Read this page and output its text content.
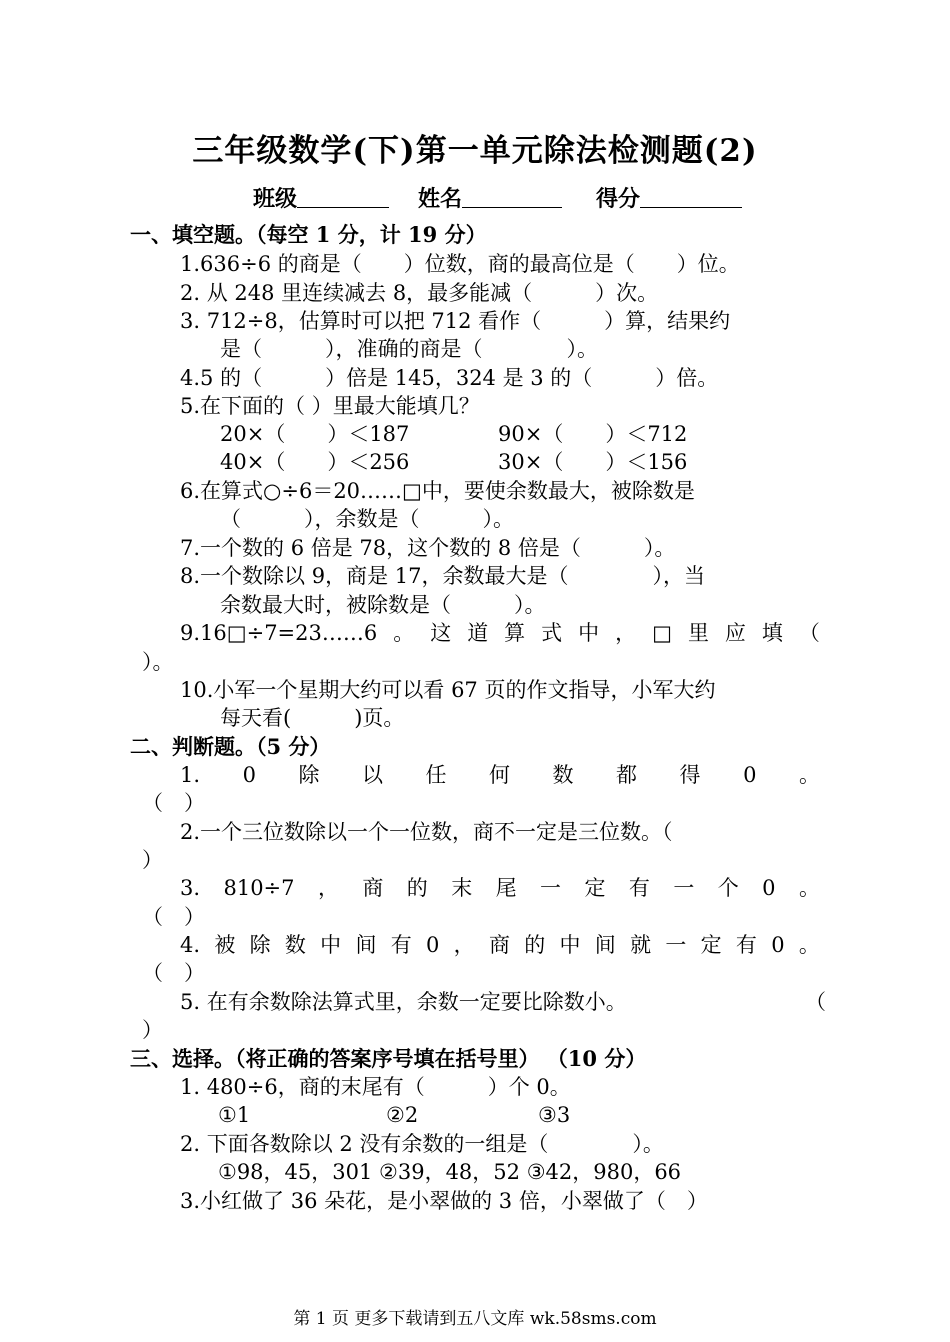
三年级数学(下)第一单元除法检测题(2)
班级	姓名	得分
一、填空题。（每空 1 分，计 19 分）
1.636÷6 的商是（　　）位数，商的最高位是（　　）位。
2. 从 248 里连续减去 8，最多能减（　　　）次。
3. 712÷8，估算时可以把 712 看作（　　　）算，结果约
是（　　　），准确的商是（　　　　）。
4.5 的（　　　）倍是 145，324 是 3 的（　　　）倍。
5.在下面的（ ）里最大能填几？
20×（　　）＜187	90×（　　）＜712
40×（　　）＜256	30×（　　）＜156
6.在算式○÷6＝20……□中，要使余数最大，被除数是
（　　　），余数是（　　　）。
7.一个数的 6 倍是 78，这个数的 8 倍是（　　　）。
8.一个数除以 9，商是 17，余数最大是（　　　　），当
余数最大时，被除数是（　　　）。
9.16□÷7=23……6 。 这 道 算 式 中 ， □ 里 应 填 （
）。
10.小军一个星期大约可以看 67 页的作文指导，小军大约
每天看(　　　)页。
二、判断题。（5 分）
1. 0 除 以 任 何 数 都 得 0 。
（　）
2.一个三位数除以一个一位数，商不一定是三位数。（
）
3. 810÷7 ， 商 的 末 尾 一 定 有 一 个 0 。
（　）
4. 被 除 数 中 间 有 0 ， 商 的 中 间 就 一 定 有 0 。
（　）
5. 在有余数除法算式里，余数一定要比除数小。	（
）
三、选择。（将正确的答案序号填在括号里） （10 分）
1. 480÷6，商的末尾有（　　　）个 0。
①1	②2	③3
2. 下面各数除以 2 没有余数的一组是（　　　　）。
①98，45，301 ②39，48，52 ③42，980，66
3.小红做了 36 朵花，是小翠做的 3 倍，小翠做了（　）
第 1 页 更多下载请到五八文库 wk.58sms.com
